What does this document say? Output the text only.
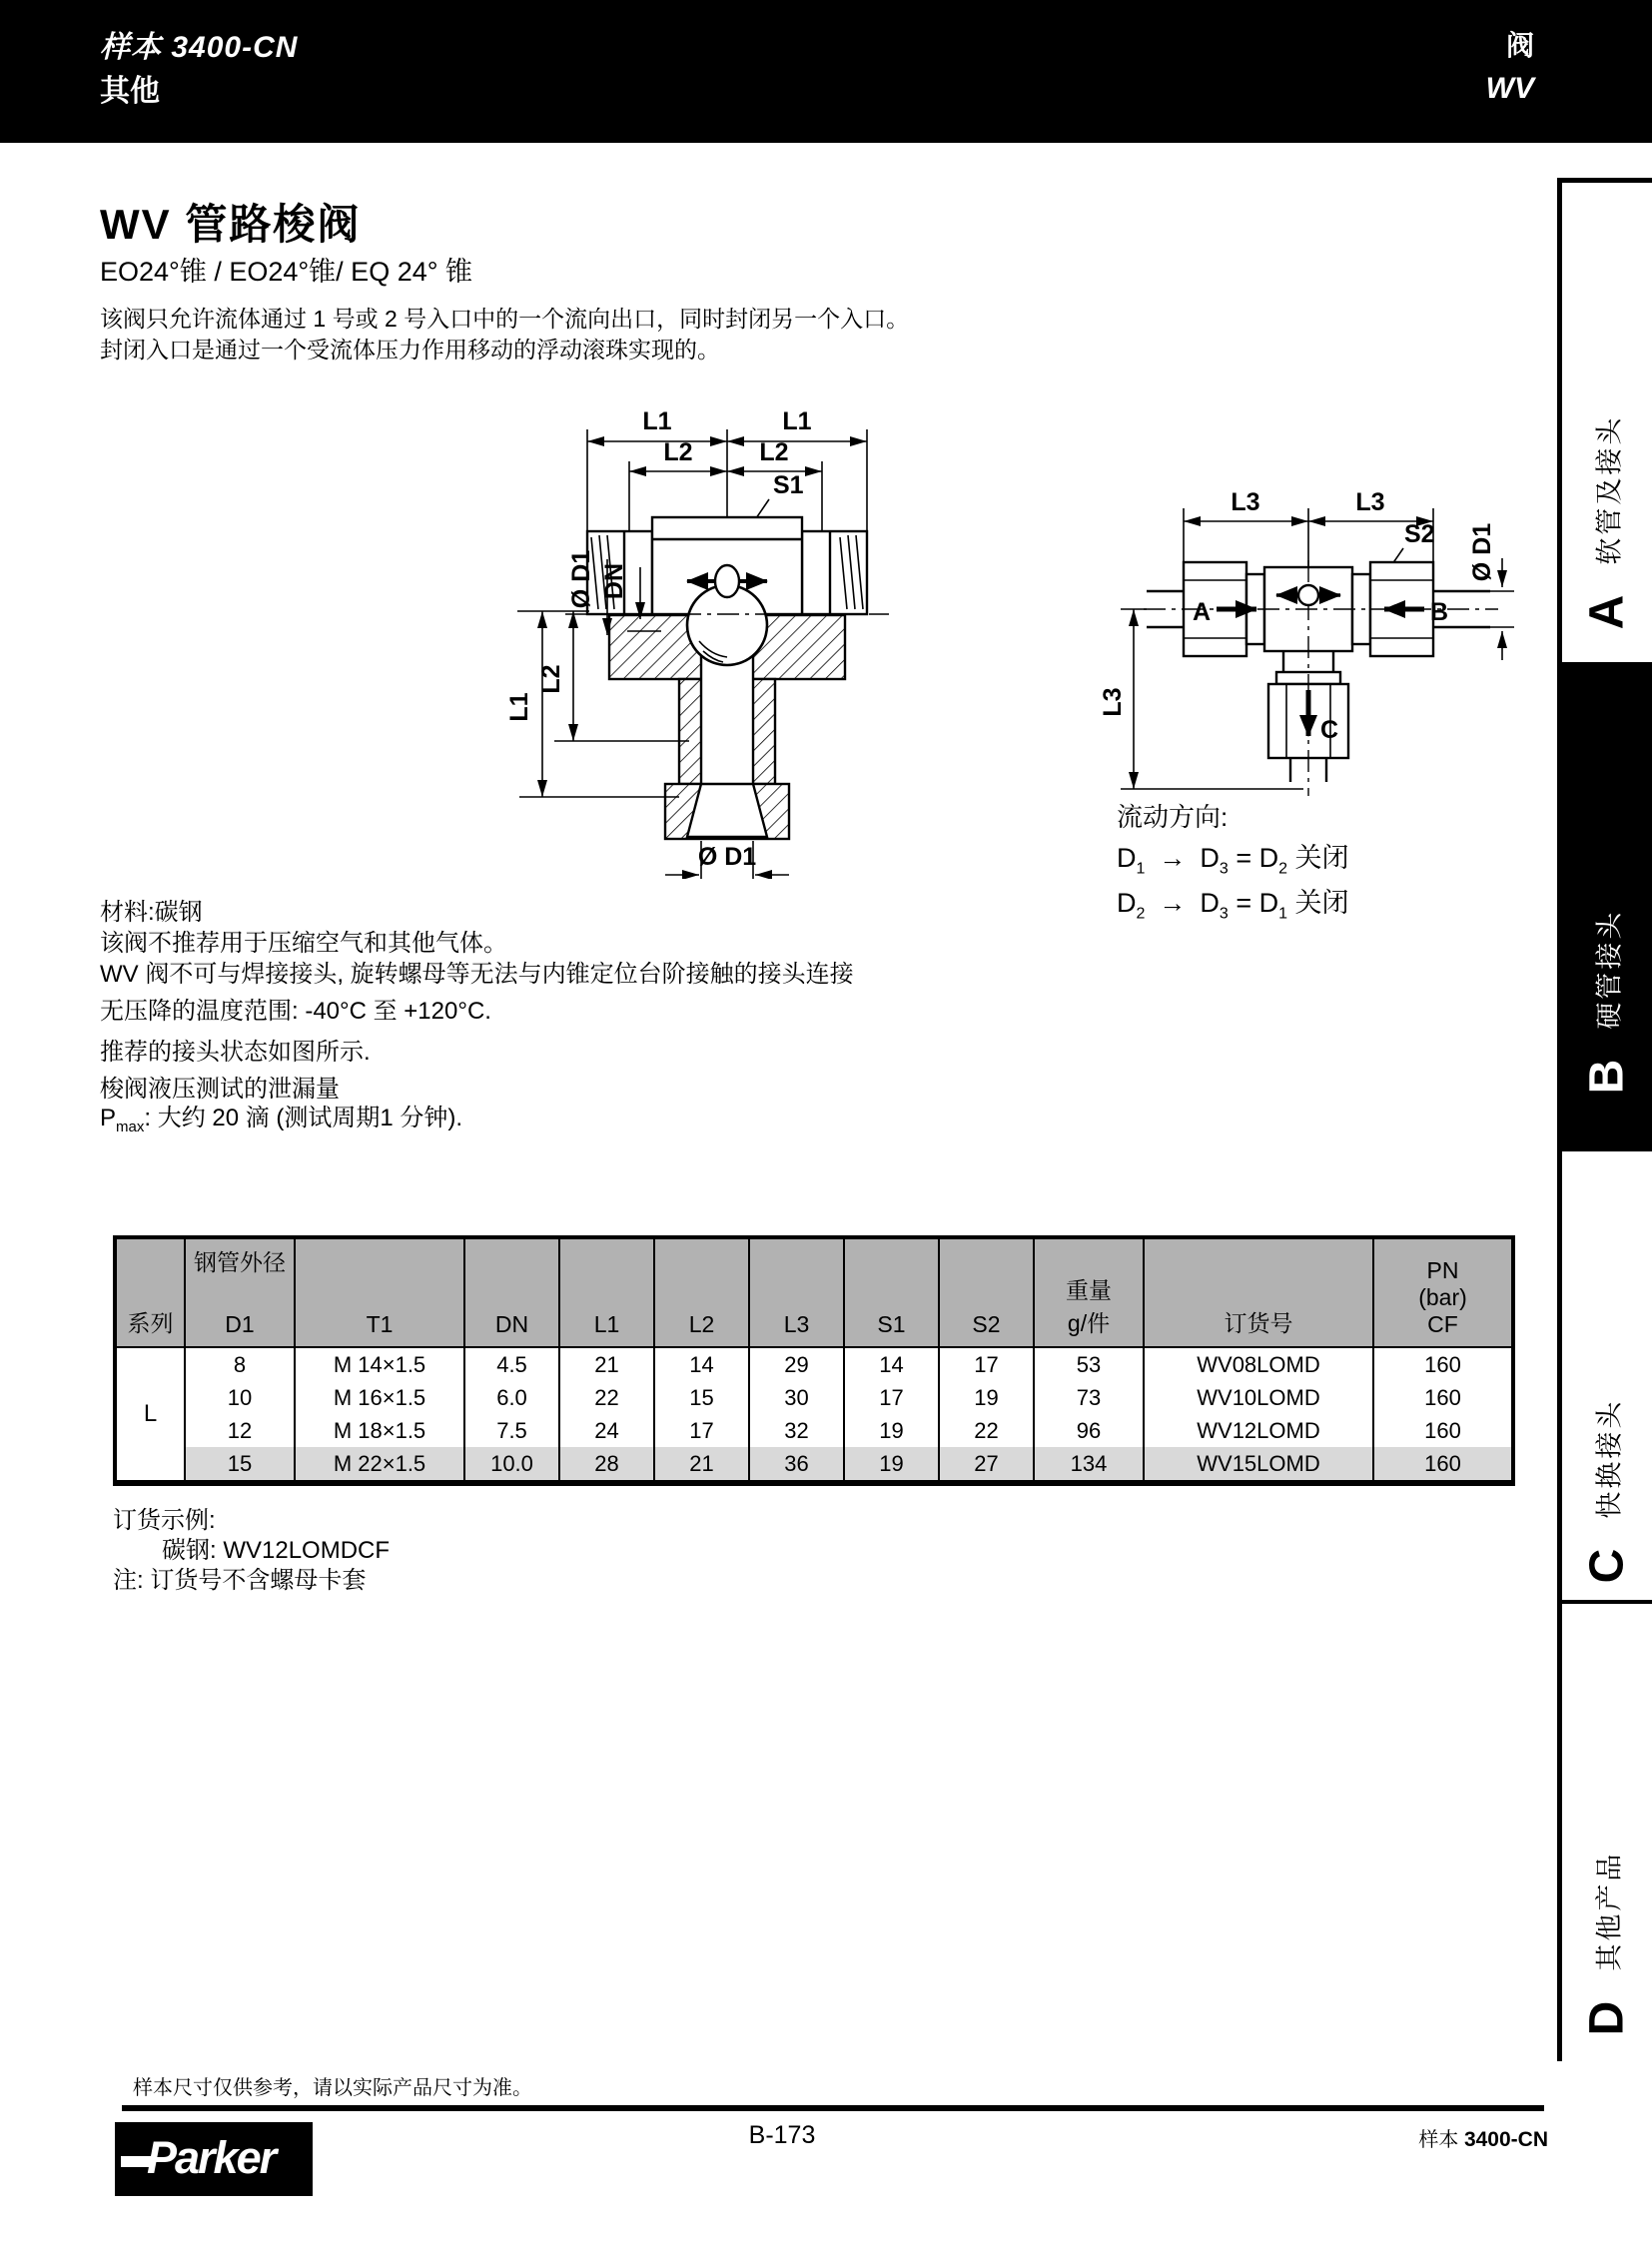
样本 3400-CN
其他
阀
WV
WV 管路梭阀
EO24°锥 / EO24°锥/ EQ 24° 锥
该阀只允许流体通过 1 号或 2 号入口中的一个流向出口，同时封闭另一个入口。
封闭入口是通过一个受流体压力作用移动的浮动滚珠实现的。
L1	L1
L2	L2
S1
Ø D1
Ø D1 DN
L2
L1
L3	L3
S2 Ø D1
A	B
C
L3
流动方向:
$D_1 \to D_3 = D_2$ 关闭
$D_2 \to D_3 = D_1$ 关闭
材料:碳钢
该阀不推荐用于压缩空气和其他气体。
WV 阀不可与焊接接头, 旋转螺母等无法与内锥定位台阶接触的接头连接
无压降的温度范围: -40°C 至 +120°C.
推荐的接头状态如图所示.
梭阀液压测试的泄漏量
$P_{max}$: 大约 20 滴 (测试周期1 分钟).
系列

钢管外径
D1	T1	DN	L1	L2	L3	S1	S2	
重量
g/件	订货号	
PN
(bar)
CF

L	8	M 14×1.5	4.5	21	14	29	14	17	53	WV08LOMD	160
	10	M 16×1.5	6.0	22	15	30	17	19	73	WV10LOMD	160
	12	M 18×1.5	7.5	24	17	32	19	22	96	WV12LOMD	160
	15	M 22×1.5	10.0	28	21	36	19	27	134	WV15LOMD	160
订货示例:
碳钢: WV12LOMDCF
注: 订货号不含螺母卡套
样本尺寸仅供参考，请以实际产品尺寸为准。
B-173	样本 3400-CN
Parker
A
软管及接头
B
硬管接头
C
快换接头
D
其他产品
